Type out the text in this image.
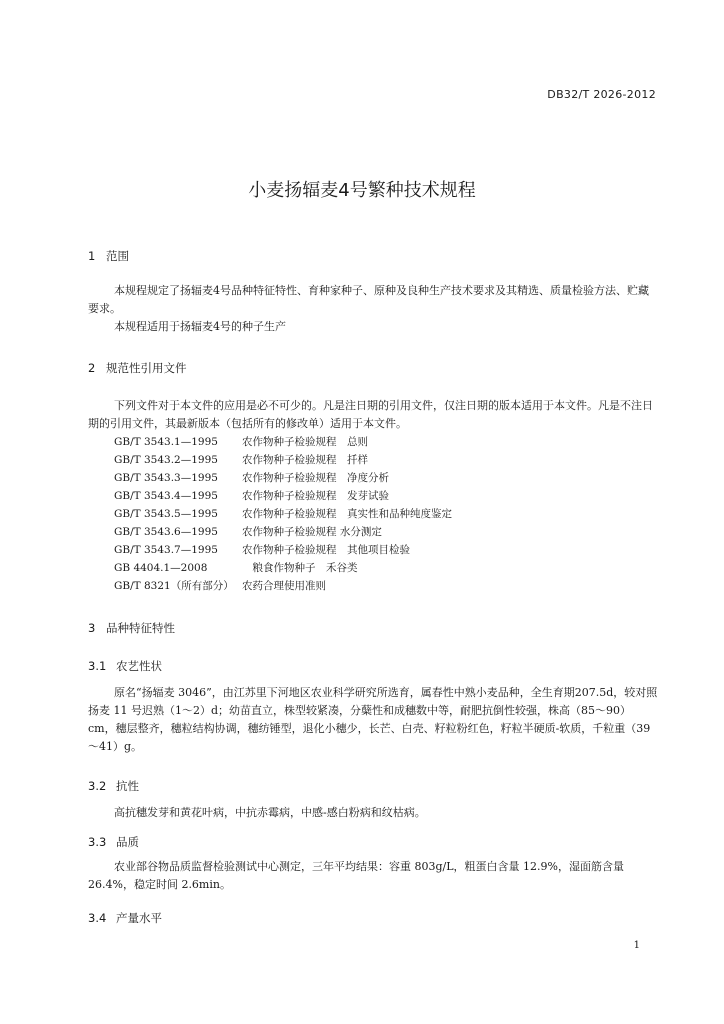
DB32/T 2026-2012
小麦扬辐麦4号繁种技术规程
1 范围
本规程规定了扬辐麦4号品种特征特性、育种家种子、原种及良种生产技术要求及其精选、质量检验方法、贮藏要求。
本规程适用于扬辐麦4号的种子生产
2 规范性引用文件
下列文件对于本文件的应用是必不可少的。凡是注日期的引用文件，仅注日期的版本适用于本文件。凡是不注日期的引用文件，其最新版本（包括所有的修改单）适用于本文件。
GB/T 3543.1—1995 农作物种子检验规程　总则
GB/T 3543.2—1995 农作物种子检验规程　扦样
GB/T 3543.3—1995 农作物种子检验规程　净度分析
GB/T 3543.4—1995 农作物种子检验规程　发芽试验
GB/T 3543.5—1995 农作物种子检验规程　真实性和品种纯度鉴定
GB/T 3543.6—1995 农作物种子检验规程 水分测定
GB/T 3543.7—1995 农作物种子检验规程　其他项目检验
GB 4404.1—2008	　粮食作物种子　禾谷类
GB/T 8321（所有部分） 农药合理使用准则
3 品种特征特性
3.1 农艺性状
原名“扬辐麦 3046”，由江苏里下河地区农业科学研究所选育，属春性中熟小麦品种，全生育期207.5d，较对照扬麦 11 号迟熟（1～2）d；幼苗直立，株型较紧凑，分蘖性和成穗数中等，耐肥抗倒性较强，株高（85～90）cm，穗层整齐，穗粒结构协调，穗纺锤型，退化小穗少，长芒、白壳、籽粒粉红色，籽粒半硬质-软质，千粒重（39～41）g。
3.2 抗性
高抗穗发芽和黄花叶病，中抗赤霉病，中感-感白粉病和纹枯病。
3.3 品质
农业部谷物品质监督检验测试中心测定，三年平均结果：容重 803g/L，粗蛋白含量 12.9%，湿面筋含量 26.4%，稳定时间 2.6min。
3.4 产量水平
1
